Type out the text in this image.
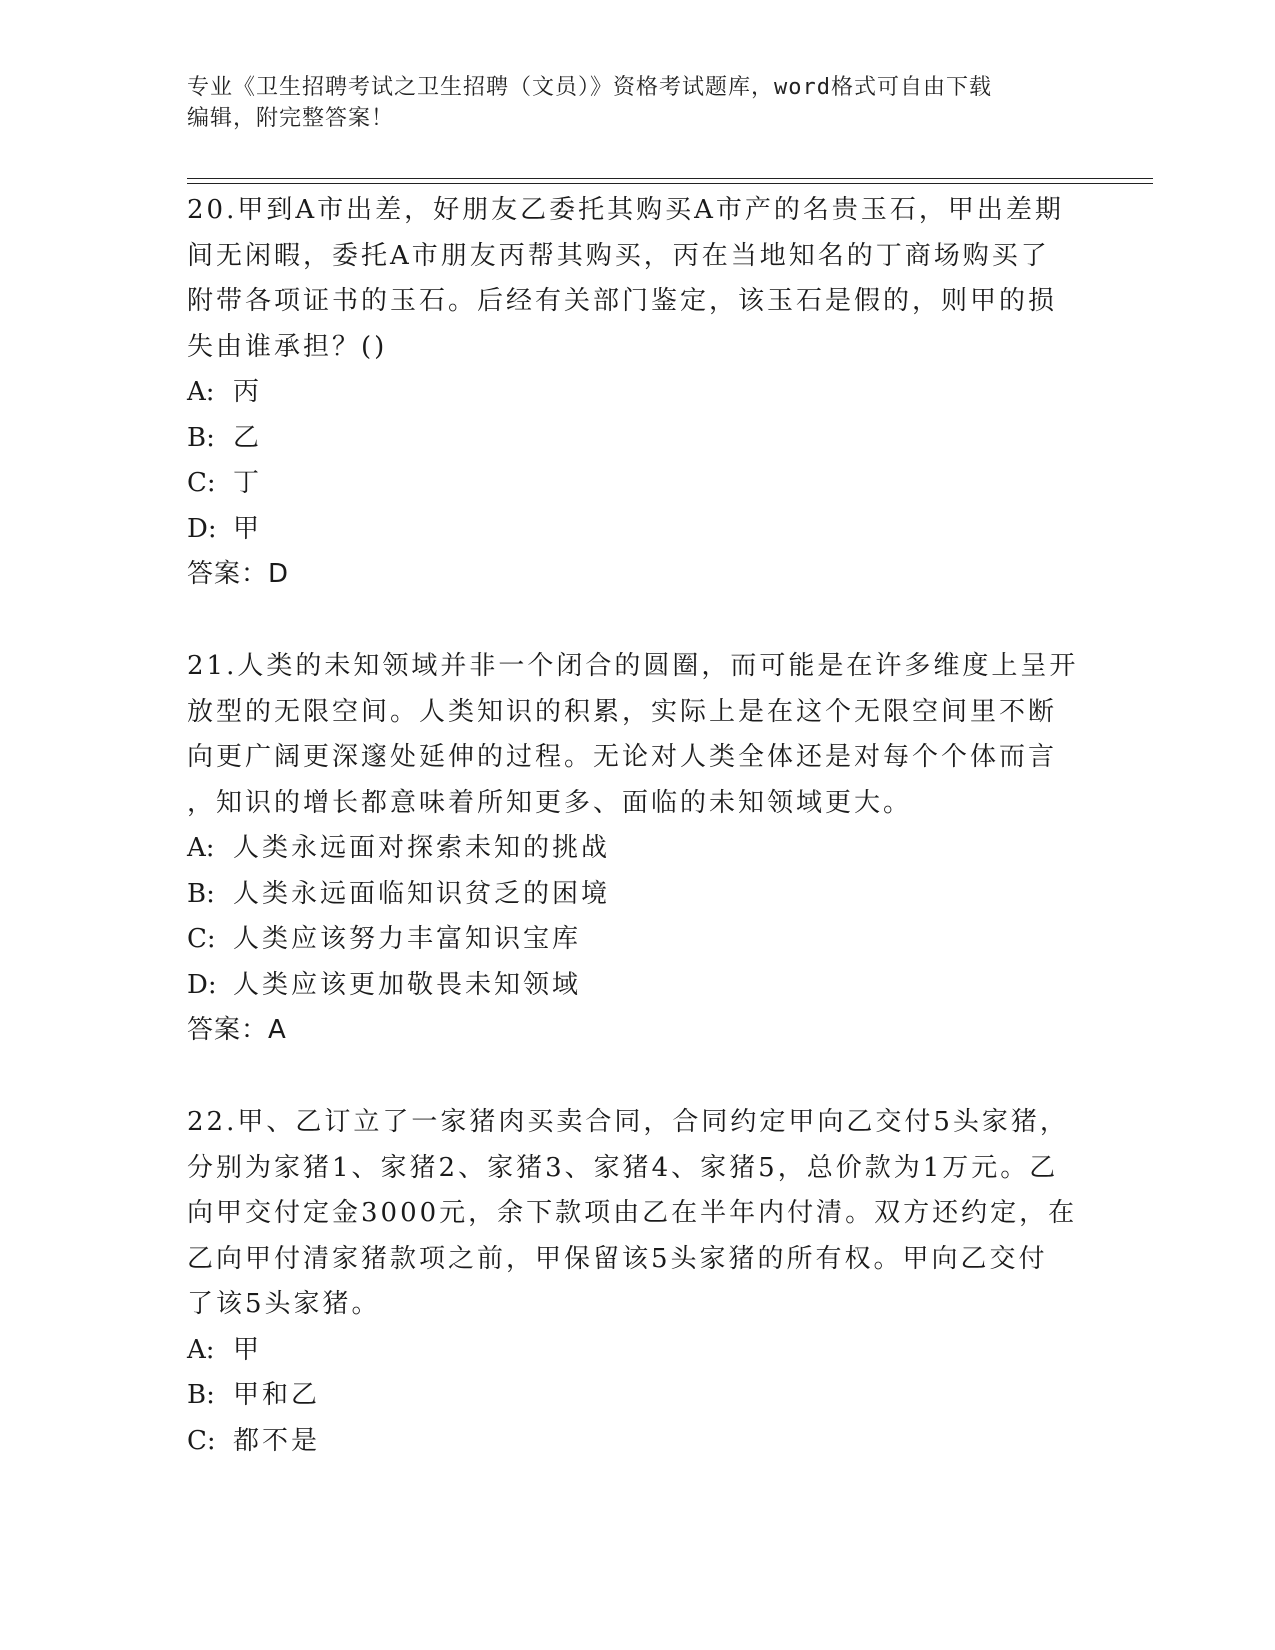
专业《卫生招聘考试之卫生招聘（文员）》资格考试题库，word格式可自由下载
编辑，附完整答案！

20.甲到A市出差，好朋友乙委托其购买A市产的名贵玉石，甲出差期

间无闲暇，委托A市朋友丙帮其购买，丙在当地知名的丁商场购买了

附带各项证书的玉石。后经有关部门鉴定，该玉石是假的，则甲的损

失由谁承担？()

A: 丙

B: 乙

C: 丁

D: 甲

答案：D

21.人类的未知领域并非一个闭合的圆圈，而可能是在许多维度上呈开

放型的无限空间。人类知识的积累，实际上是在这个无限空间里不断

向更广阔更深邃处延伸的过程。无论对人类全体还是对每个个体而言

，知识的增长都意味着所知更多、面临的未知领域更大。

A: 人类永远面对探索未知的挑战

B: 人类永远面临知识贫乏的困境

C: 人类应该努力丰富知识宝库

D: 人类应该更加敬畏未知领域

答案：A

22.甲、乙订立了一家猪肉买卖合同，合同约定甲向乙交付5头家猪，

分别为家猪1、家猪2、家猪3、家猪4、家猪5，总价款为1万元。乙

向甲交付定金3000元，余下款项由乙在半年内付清。双方还约定，在

乙向甲付清家猪款项之前，甲保留该5头家猪的所有权。甲向乙交付

了该5头家猪。

A: 甲

B: 甲和乙

C: 都不是
